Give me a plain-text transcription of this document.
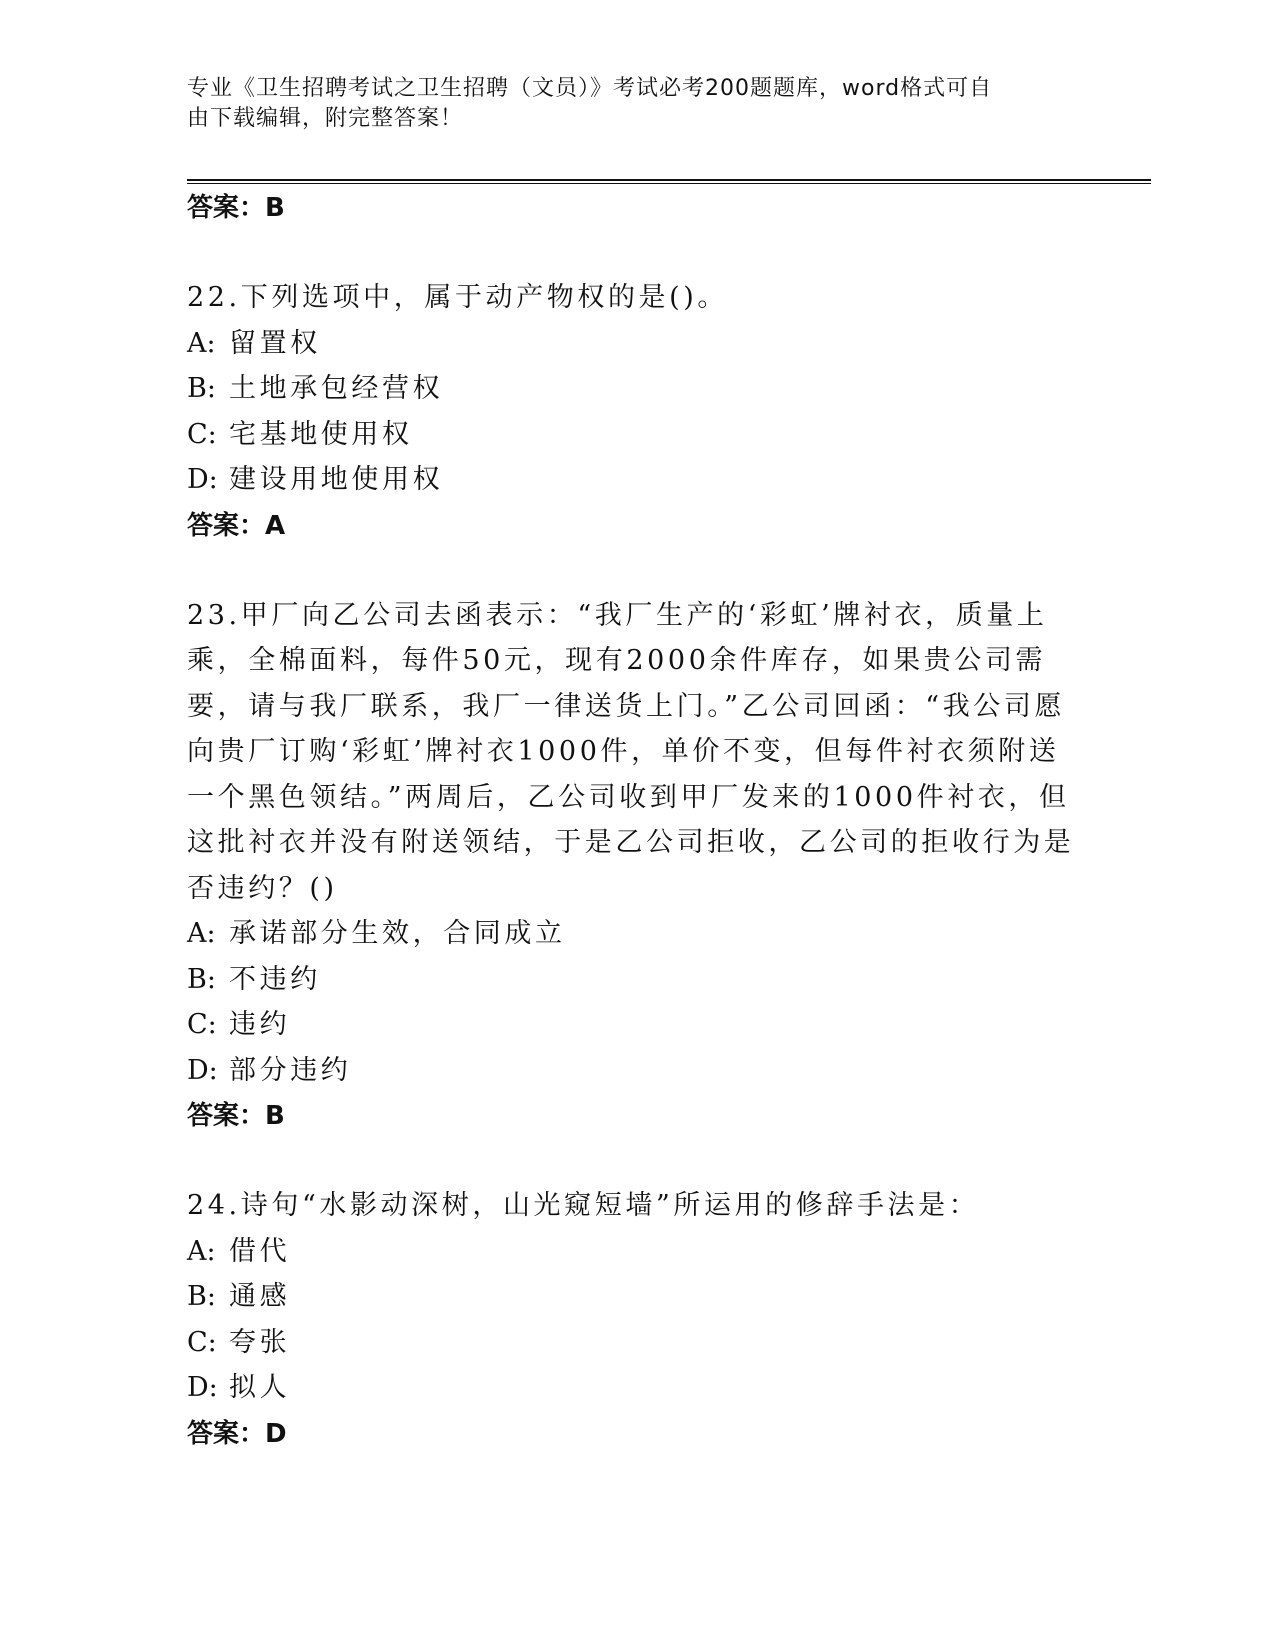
专业《卫生招聘考试之卫生招聘（文员）》考试必考200题题库，word格式可自
由下载编辑，附完整答案！
答案：B

22.下列选项中，属于动产物权的是()。

A: 留置权
B: 土地承包经营权
C: 宅基地使用权
D: 建设用地使用权
答案：A

23.甲厂向乙公司去函表示：“我厂生产的‘彩虹’牌衬衣，质量上乘，全棉面料，每件50元，现有2000余件库存，如果贵公司需要，请与我厂联系，我厂一律送货上门。”乙公司回函：“我公司愿向贵厂订购‘彩虹’牌衬衣1000件，单价不变，但每件衬衣须附送一个黑色领结。”两周后，乙公司收到甲厂发来的1000件衬衣，但这批衬衣并没有附送领结，于是乙公司拒收，乙公司的拒收行为是否违约？()

A: 承诺部分生效，合同成立
B: 不违约
C: 违约
D: 部分违约
答案：B

24.诗句“水影动深树，山光窥短墙”所运用的修辞手法是：

A: 借代
B: 通感
C: 夸张
D: 拟人
答案：D
